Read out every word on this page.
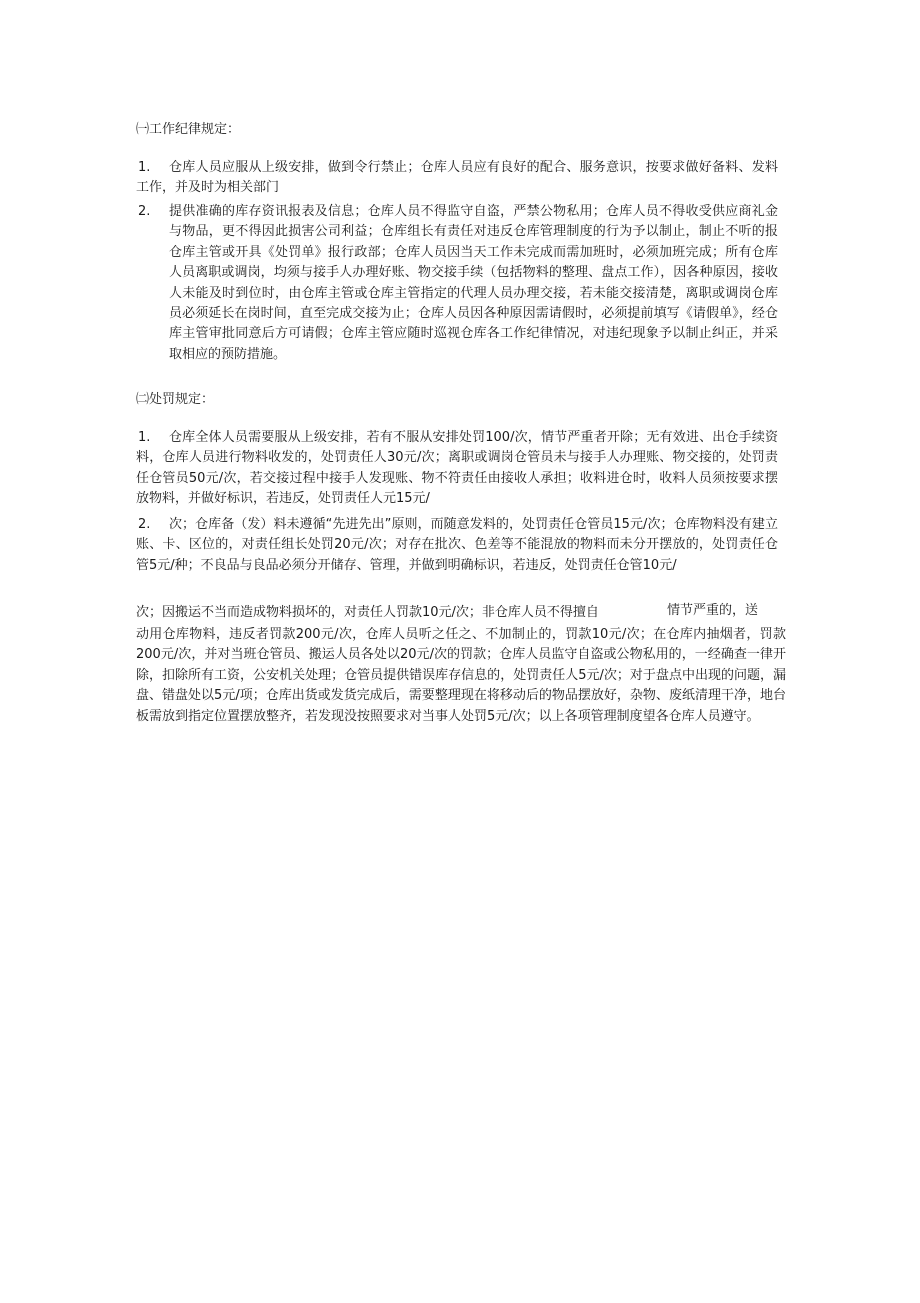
㈠工作纪律规定：
1.	仓库人员应服从上级安排，做到令行禁止；仓库人员应有良好的配合、服务意识，按要求做好备料、发料工作，并及时为相关部门
2. 提供准确的库存资讯报表及信息；仓库人员不得监守自盗，严禁公物私用；仓库人员不得收受供应商礼金与物品，更不得因此损害公司利益；仓库组长有责任对违反仓库管理制度的行为予以制止，制止不听的报仓库主管或开具《处罚单》报行政部；仓库人员因当天工作未完成而需加班时，必须加班完成；所有仓库人员离职或调岗，均须与接手人办理好账、物交接手续（包括物料的整理、盘点工作），因各种原因，接收人未能及时到位时，由仓库主管或仓库主管指定的代理人员办理交接，若未能交接清楚，离职或调岗仓库员必须延长在岗时间，直至完成交接为止；仓库人员因各种原因需请假时，必须提前填写《请假单》，经仓库主管审批同意后方可请假；仓库主管应随时巡视仓库各工作纪律情况，对违纪现象予以制止纠正，并采取相应的预防措施。
㈡处罚规定：
1.	仓库全体人员需要服从上级安排，若有不服从安排处罚100/次，情节严重者开除；无有效进、出仓手续资料，仓库人员进行物料收发的，处罚责任人30元/次；离职或调岗仓管员未与接手人办理账、物交接的，处罚责任仓管员50元/次，若交接过程中接手人发现账、物不符责任由接收人承担；收料进仓时，收料人员须按要求摆放物料，并做好标识，若违反，处罚责任人元15元/
2.	次；仓库备（发）料未遵循“先进先出”原则，而随意发料的，处罚责任仓管员15元/次；仓库物料没有建立账、卡、区位的，对责任组长处罚20元/次；对存在批次、色差等不能混放的物料而未分开摆放的，处罚责任仓管5元/种；不良品与良品必须分开储存、管理，并做到明确标识，若违反，处罚责任仓管10元/
次；因搬运不当而造成物料损坏的，对责任人罚款10元/次；非仓库人员不得擅自	情节严重的，送
动用仓库物料，违反者罚款200元/次，仓库人员听之任之、不加制止的，罚款10元/次；在仓库内抽烟者，罚款200元/次，并对当班仓管员、搬运人员各处以20元/次的罚款；仓库人员监守自盗或公物私用的，一经确查一律开除，扣除所有工资，公安机关处理；仓管员提供错误库存信息的，处罚责任人5元/次；对于盘点中出现的问题，漏盘、错盘处以5元/项；仓库出货或发货完成后，需要整理现在将移动后的物品摆放好，杂物、废纸清理干净，地台板需放到指定位置摆放整齐，若发现没按照要求对当事人处罚5元/次；以上各项管理制度望各仓库人员遵守。
